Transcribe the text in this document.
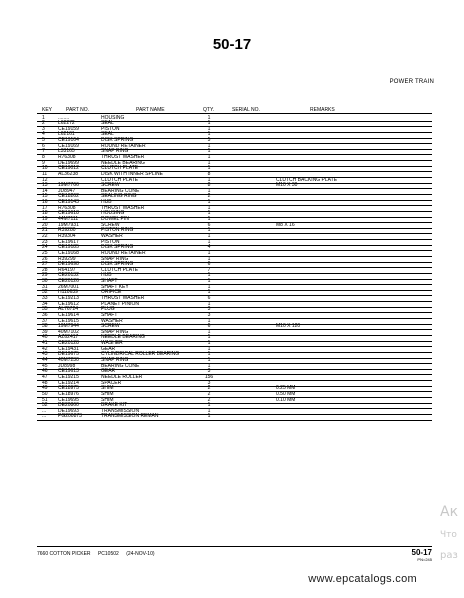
50-17
POWER TRAIN
KEY	PART NO.	PART NAME	QTY.	SERIAL NO.	REMARKS
1	........	HOUSING	1
2	L62272	SEAL	1
3	CE19159	PISTON	1
4	L62161	SEAL	1
5	CE19164	DISK SPRING	5
6	CE19169	ROUND RETAINER	1
7	L33165	SNAP RING	1
8	R76308	THRUST WASHER	1
9	DE19699	NEEDLE BEARING	1
10 CE19012	CLUTCH PLATE	1
11 AL36238	DISK WITH INNER SPLINE	8
12	CLUTCH PLATE	1	CLUTCH BACKING PLATE
13 19M7766	SCREW	8	M10 X 30
14 JD8947	BEARING CONE	1
15 CE18262	SEALING RING	2
16 CE19143	HUB	1
17 R76308	THRUST WASHER	1
18 CE19618	HOUSING	1
19 44M7111	DOWEL PIN	1
20 19M7931	SCREW	6	M8 X 16
21 R39280	PISTON RING	1
22 R39304	WASHER	1
23 CE19617	PISTON	1
24 CE19185	DISK SPRING	4
25 CE19168	ROUND RETAINER	1
26 R39299	SNAP RING	1
27 DE19698	DISK SPRING	6
28 R64197	CLUTCH PLATE	7
29 CE20132	HUB	1
30 CE20126	SHAFT	1
31 26M7001	SHAFT KEY	1
32 H110639	ORIFICE	1
33 CE19213	THRUST WASHER	6
34 CE19612	PLANET PINION	1
35 AL76724	PLUG	3
36 CE19614	SHAFT	3
37 CE19615	WASHER	1
38 19M7944	SCREW	6	M10 X 120
39 40M7102	SNAP RING	1
40 AZ62417	NEEDLE BEARING	1
41 CE20128	WASHER	1
42 CE19431	GEAR	1
43 DE19675	CYLINDRICAL ROLLER BEARING	1
44 40M7230	SNAP RING	1
45 JD8998	BEARING CONE	1
46 CE19613	GEAR	3
47 CE19215	NEEDLE ROLLER	156
48 CE19214	SPACER	3
49 CE18975	SHIM	2	0.25 MM
50 CE18976	SHIM	2	0.50 MM
51 CE19695	SHIM	2	0.10 MM
52 DE20860	BRAKE KIT	1
... DE19693	TRANSMISSION	1
... PG200873	TRANSMISSION REMAN	1
7660 COTTON PICKER PC10502 (24-NOV-10)	50-17
PN=245
Ак
Что
раз
www.epcatalogs.com
